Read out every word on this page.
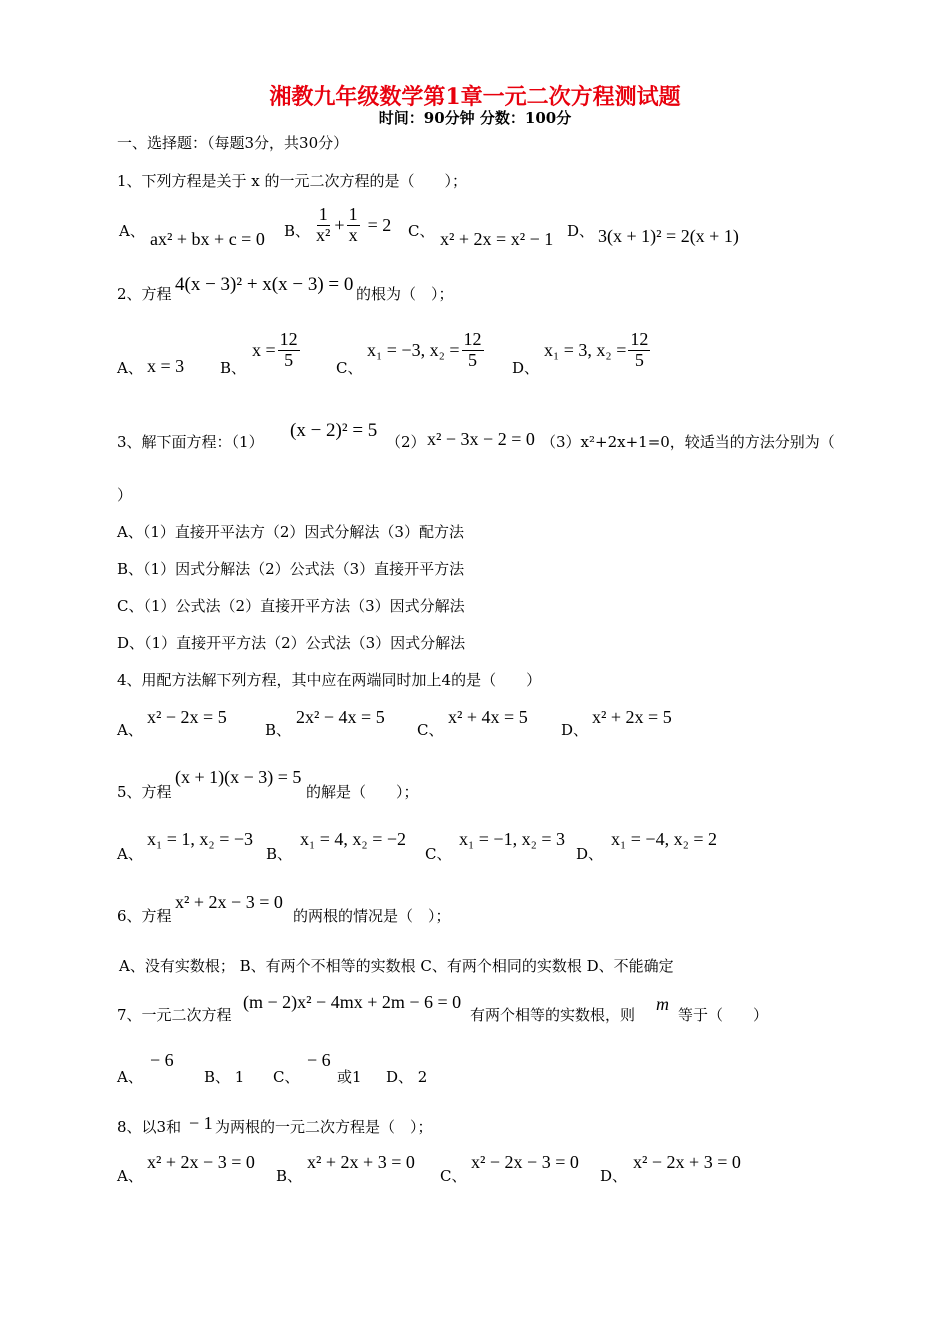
湘教九年级数学第1章一元二次方程测试题
时间：90分钟 分数：100分
一、选择题：（每题3分，共30分）
1、下列方程是关于 x 的一元二次方程的是（　　）；
A、 ax² + bx + c = 0 B、 $\frac{1}{\text{x²}} + \frac{1}{x} = 2$ C、 x² + 2x = x² − 1 D、 3(x + 1)² = 2(x + 1)
2、方程 4(x − 3)² + x(x − 3) = 0 的根为（　）；
A、 x = 3 B、
$x = \frac{12}{5}$ C、
x₁ = −3, $x_2 = \frac{12}{5}$ D、
x₁ = 3, $x_2 = \frac{12}{5}$
3、解下面方程：（1）
(x − 2)² = 5
（2） x² − 3x − 2 = 0 （3）x²+2x+1=0，较适当的方法分别为（
）
A、（1）直接开平法方（2）因式分解法（3）配方法
B、（1）因式分解法（2）公式法（3）直接开平方法
C、（1）公式法（2）直接开平方法（3）因式分解法
D、（1）直接开平方法（2）公式法（3）因式分解法
4、用配方法解下列方程，其中应在两端同时加上4的是（　　）
A、
x² − 2x = 5
B、
2x² − 4x = 5
C、
x² + 4x = 5
D、
x² + 2x = 5
5、方程
(x + 1)(x − 3) = 5
的解是（　　）；
A、
x₁ = 1, x₂ = −3
B、
x₁ = 4, x₂ = −2
C、
x₁ = −1, x₂ = 3
D、
x₁ = −4, x₂ = 2
6、方程
x² + 2x − 3 = 0
的两根的情况是（　）；
A、没有实数根； B、有两个不相等的实数根 C、有两个相同的实数根 D、不能确定
7、一元二次方程
(m − 2)x² − 4mx + 2m − 6 = 0
有两个相等的实数根，则
m
等于（　　）
A、
− 6
B、 1 C、
− 6
或1 D、 2
8、以3和 − 1 为两根的一元二次方程是（　）；
A、
x² + 2x − 3 = 0
B、
x² + 2x + 3 = 0
C、
x² − 2x − 3 = 0
D、
x² − 2x + 3 = 0
